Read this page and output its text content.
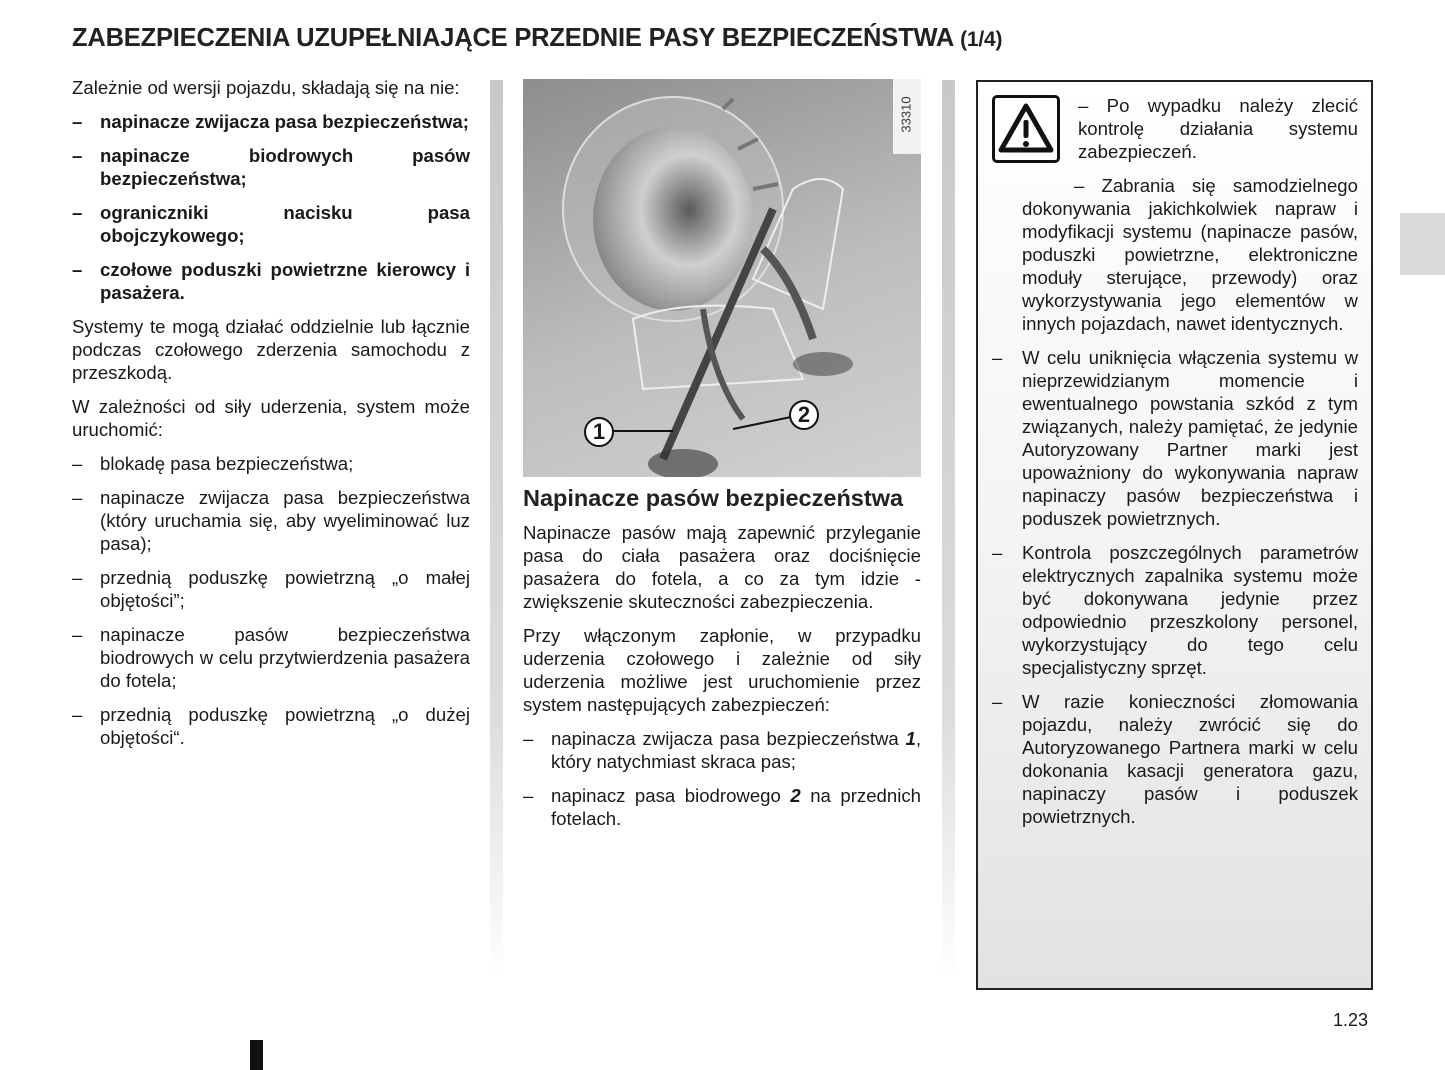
ZABEZPIECZENIA UZUPEŁNIAJĄCE PRZEDNIE PASY BEZPIECZEŃSTWA (1/4)

Zależnie od wersji pojazdu, składają się na nie:

– napinacze zwijacza pasa bezpieczeństwa;
– napinacze biodrowych pasów bezpieczeństwa;
– ograniczniki nacisku pasa obojczykowego;
– czołowe poduszki powietrzne kierowcy i pasażera.

Systemy te mogą działać oddzielnie lub łącznie podczas czołowego zderzenia samochodu z przeszkodą.

W zależności od siły uderzenia, system może uruchomić:

– blokadę pasa bezpieczeństwa;
– napinacze zwijacza pasa bezpieczeństwa (który uruchamia się, aby wyeliminować luz pasa);
– przednią poduszkę powietrzną „o małej objętości”;
– napinacze pasów bezpieczeństwa biodrowych w celu przytwierdzenia pasażera do fotela;
– przednią poduszkę powietrzną „o dużej objętości“.
33310
1
2
Napinacze pasów bezpieczeństwa

Napinacze pasów mają zapewnić przyleganie pasa do ciała pasażera oraz dociśnięcie pasażera do fotela, a co za tym idzie - zwiększenie skuteczności zabezpieczenia.

Przy włączonym zapłonie, w przypadku uderzenia czołowego i zależnie od siły uderzenia możliwe jest uruchomienie przez system następujących zabezpieczeń:

– napinacza zwijacza pasa bezpieczeństwa 1, który natychmiast skraca pas;
– napinacz pasa biodrowego 2 na przednich fotelach.

– Po wypadku należy zlecić kontrolę działania systemu zabezpieczeń.

– Zabrania się samodzielnego dokonywania jakichkolwiek napraw i modyfikacji systemu (napinacze pasów, poduszki powietrzne, elektroniczne moduły sterujące, przewody) oraz wykorzystywania jego elementów w innych pojazdach, nawet identycznych.

–	W celu uniknięcia włączenia systemu w nieprzewidzianym momencie i ewentualnego powstania szkód z tym związanych, należy pamiętać, że jedynie Autoryzowany Partner marki jest upoważniony do wykonywania napraw napinaczy pasów bezpieczeństwa i poduszek powietrznych.
–	Kontrola poszczególnych parametrów elektrycznych zapalnika systemu może być dokonywana jedynie przez odpowiednio przeszkolony personel, wykorzystujący do tego celu specjalistyczny sprzęt.
–	W razie konieczności złomowania pojazdu, należy zwrócić się do Autoryzowanego Partnera marki w celu dokonania kasacji generatora gazu, napinaczy pasów i poduszek powietrznych.
1.23
